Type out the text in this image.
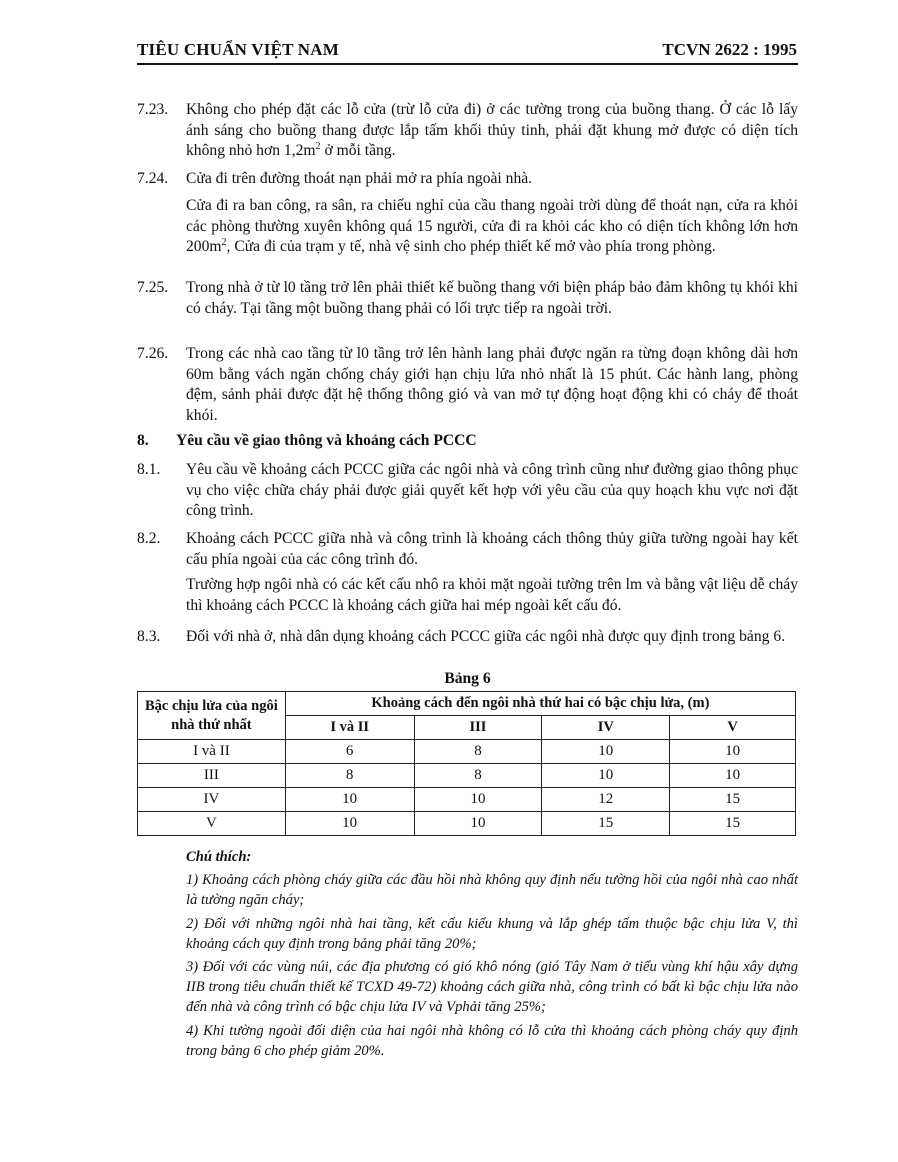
TIÊU CHUẨN VIỆT NAM	TCVN 2622 : 1995
7.23. Không cho phép đặt các lỗ cửa (trừ lỗ cửa đi) ở các tường trong của buồng thang. Ở các lỗ lấy ánh sáng cho buồng thang được lắp tấm khối thủy tinh, phải đặt khung mở được có diện tích không nhỏ hơn $1,2m^2$ ở mỗi tầng.
7.24. Cửa đi trên đường thoát nạn phải mở ra phía ngoài nhà.
Cửa đi ra ban công, ra sân, ra chiếu nghỉ của cầu thang ngoài trời dùng để thoát nạn, cửa ra khỏi các phòng thường xuyên không quá 15 người, cửa đi ra khỏi các kho có diện tích không lớn hơn $200m^2$, Cửa đi của trạm y tế, nhà vệ sinh cho phép thiết kế mở vào phía trong phòng.
7.25. Trong nhà ở từ l0 tầng trở lên phải thiết kế buồng thang với biện pháp bảo đảm không tụ khói khi có cháy. Tại tầng một buồng thang phải có lối trực tiếp ra ngoài trời.
7.26. Trong các nhà cao tầng từ l0 tầng trở lên hành lang phải được ngăn ra từng đoạn không dài hơn 60m bằng vách ngăn chống cháy giới hạn chịu lửa nhỏ nhất là 15 phút. Các hành lang, phòng đệm, sảnh phải được đặt hệ thống thông gió và van mở tự động hoạt động khi có cháy để thoát khói.
8. Yêu cầu về giao thông và khoảng cách PCCC
8.1. Yêu cầu về khoảng cách PCCC giữa các ngôi nhà và công trình cũng như đường giao thông phục vụ cho việc chữa cháy phải được giải quyết kết hợp với yêu cầu của quy hoạch khu vực nơi đặt công trình.
8.2. Khoảng cách PCCC giữa nhà và công trình là khoảng cách thông thủy giữa tường ngoài hay kết cấu phía ngoài của các công trình đó.
Trường hợp ngôi nhà có các kết cấu nhô ra khỏi mặt ngoài tường trên lm và bằng vật liệu dễ cháy thì khoảng cách PCCC là khoảng cách giữa hai mép ngoài kết cấu đó.
8.3. Đối với nhà ở, nhà dân dụng khoảng cách PCCC giữa các ngôi nhà được quy định trong bảng 6.
Bảng 6
Bậc chịu lửa của ngôi nhà thứ nhất	Khoảng cách đến ngôi nhà thứ hai có bậc chịu lửa, (m)			
	I và II	III	IV	V
I và II	6	8	10	10
III	8	8	10	10
IV	10	10	12	15
V	10	10	15	15
Chú thích:
1) Khoảng cách phòng cháy giữa các đầu hồi nhà không quy định nếu tường hồi của ngôi nhà cao nhất là tường ngăn cháy;
2) Đối với những ngôi nhà hai tầng, kết cấu kiểu khung và lắp ghép tấm thuộc bậc chịu lửa V, thì khoảng cách quy định trong bảng phải tăng 20%;
3) Đối với các vùng núi, các địa phương có gió khô nóng (gió Tây Nam ở tiểu vùng khí hậu xây dựng IIB trong tiêu chuẩn thiết kế TCXD 49-72) khoảng cách giữa nhà, công trình có bất kì bậc chịu lửa nào đến nhà và công trình có bậc chịu lửa IV và Vphải tăng 25%;
4) Khi tường ngoài đối diện của hai ngôi nhà không có lỗ cửa thì khoảng cách phòng cháy quy định trong bảng 6 cho phép giảm 20%.
